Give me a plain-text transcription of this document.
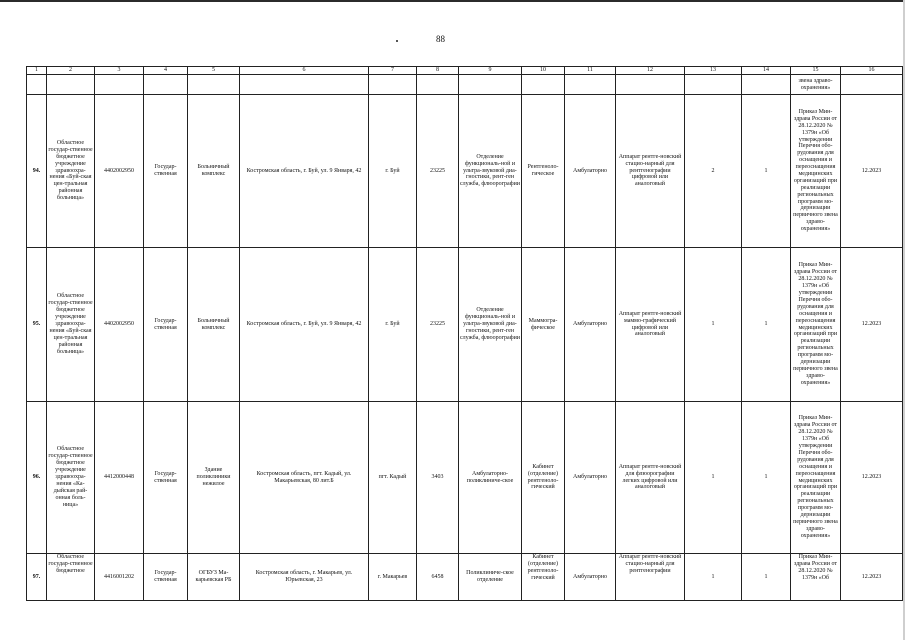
88
1	2	3	4	5	6	7	8	9	10	11	12	13	14	15	16
														звена здраво-охранения»	
94.	Областное государ-ственное бюджетное учреждение здравоохра-нения «Буй-ская цен-тральная районная больница»	4402002950	Государ-ственная	Больничный комплекс	Костромская область, г. Буй, ул. 9 Января, 42	г. Буй	23225	Отделение функциональ-ной и ультра-звуковой диа-гностики, рент-ген служба, флюорографии	Рентгеноло-гическое	Амбулаторно	Аппарат рентге-новский стацио-нарный для рентгенографии цифровой или аналоговый	2	1	Приказ Мин-здрава России от 28.12.2020 № 1379н «Об утверждении Перечня обо-рудования для оснащения и переоснащения медицинских организаций при реализации региональных программ мо-дернизации первичного звена здраво-охранения»	12.2023
95.	Областное государ-ственное бюджетное учреждение здравоохра-нения «Буй-ская цен-тральная районная больница»	4402002950	Государ-ственная	Больничный комплекс	Костромская область, г. Буй, ул. 9 Января, 42	г. Буй	23225	Отделение функциональ-ной и ультра-звуковой диа-гностики, рент-ген служба, флюорографии	Маммогра-фическое	Амбулаторно	Аппарат рентге-новский маммо-графический цифровой или аналоговый	1	1	Приказ Мин-здрава России от 28.12.2020 № 1379н «Об утверждении Перечня обо-рудования для оснащения и переоснащения медицинских организаций при реализации региональных программ мо-дернизации первичного звена здраво-охранения»	12.2023
96.	Областное государ-ственное бюджетное учреждение здравоохра-нения «Ка-дыйская рай-онная боль-ница»	4412000448	Государ-ственная	Здание поликлиники нежилое	Костромская область, пгт. Кадый, ул. Макарьевская, 80 лит.Б	пгт. Кадый	3403	Амбулаторно-поликлиниче-ское	Кабинет (отделение) рентгеноло-гический	Амбулаторно	Аппарат рентге-новский для флюорографии легких цифровой или аналоговый	1	1	Приказ Мин-здрава России от 28.12.2020 № 1379н «Об утверждении Перечня обо-рудования для оснащения и переоснащения медицинских организаций при реализации региональных программ мо-дернизации первичного звена здраво-охранения»	12.2023
97.	Областное государ-ственное бюджетное	4416001202	Государ-ственная	ОГБУЗ Ма-карьевская РБ	Костромская область, г. Макарьев, ул. Юрьевская, 23	г. Макарьев	6458	Поликлиниче-ское отделение	Кабинет (отделение) рентгеноло-гический	Амбулаторно	Аппарат рентге-новский стацио-нарный для рентгенографии	1	1	Приказ Мин-здрава России от 28.12.2020 № 1379н «Об	12.2023
